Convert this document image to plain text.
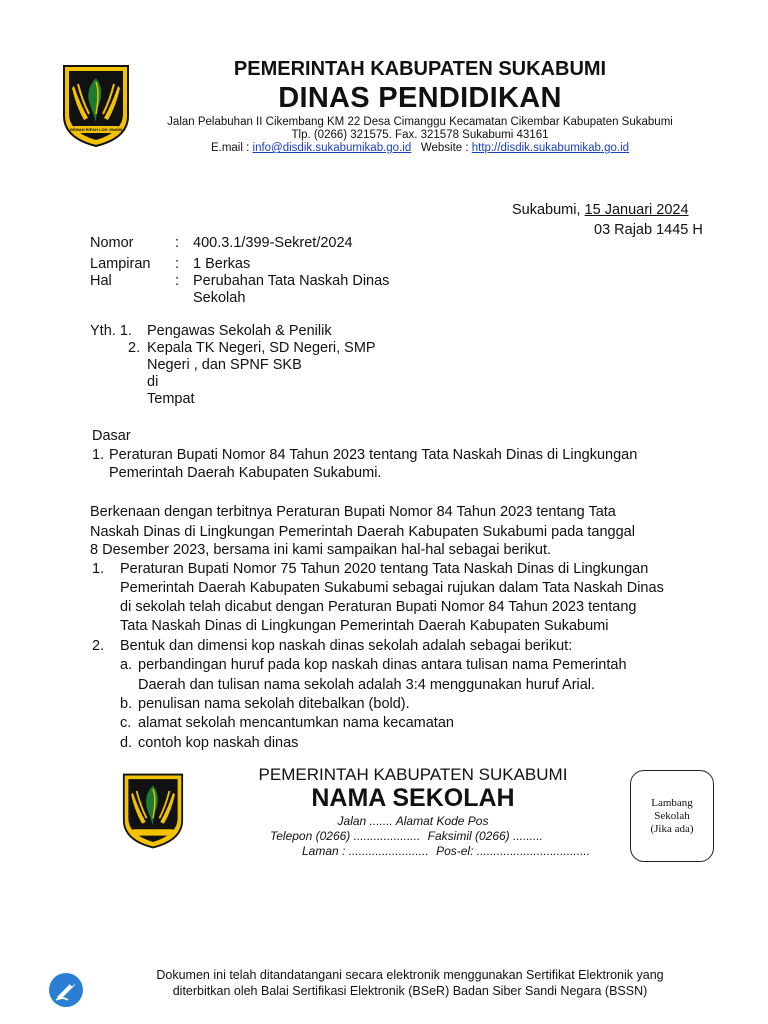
GEMAH RIPAH LOH JINAWI
PEMERINTAH KABUPATEN SUKABUMI
DINAS PENDIDIKAN
Jalan Pelabuhan II Cikembang KM 22 Desa Cimanggu Kecamatan Cikembar Kabupaten Sukabumi
Tlp. (0266) 321575. Fax. 321578 Sukabumi 43161
E.mail : info@disdik.sukabumikab.go.id Website : http://disdik.sukabumikab.go.id
Sukabumi, 15 Januari 2024
03 Rajab 1445 H
Nomor	: 400.3.1/399-Sekret/2024
Lampiran : 1 Berkas
Hal	: Perubahan Tata Naskah Dinas
Sekolah
Yth. 1. Pengawas Sekolah & Penilik
2. Kepala TK Negeri, SD Negeri, SMP
Negeri , dan SPNF SKB
di
Tempat
Dasar
1. Peraturan Bupati Nomor 84 Tahun 2023 tentang Tata Naskah Dinas di Lingkungan
Pemerintah Daerah Kabupaten Sukabumi.
Berkenaan dengan terbitnya Peraturan Bupati Nomor 84 Tahun 2023 tentang Tata
Naskah Dinas di Lingkungan Pemerintah Daerah Kabupaten Sukabumi pada tanggal
8 Desember 2023, bersama ini kami sampaikan hal-hal sebagai berikut.
1. Peraturan Bupati Nomor 75 Tahun 2020 tentang Tata Naskah Dinas di Lingkungan
Pemerintah Daerah Kabupaten Sukabumi sebagai rujukan dalam Tata Naskah Dinas
di sekolah telah dicabut dengan Peraturan Bupati Nomor 84 Tahun 2023 tentang
Tata Naskah Dinas di Lingkungan Pemerintah Daerah Kabupaten Sukabumi
2. Bentuk dan dimensi kop naskah dinas sekolah adalah sebagai berikut:
a. perbandingan huruf pada kop naskah dinas antara tulisan nama Pemerintah
Daerah dan tulisan nama sekolah adalah 3:4 menggunakan huruf Arial.
b. penulisan nama sekolah ditebalkan (bold).
c. alamat sekolah mencantumkan nama kecamatan
d. contoh kop naskah dinas
PEMERINTAH KABUPATEN SUKABUMI
NAMA SEKOLAH
Jalan ....... Alamat Kode Pos
Telepon (0266) .................... Faksimil (0266) .........
Laman : ........................ Pos-el: ..................................
Lambang
Sekolah
(Jika ada)
Dokumen ini telah ditandatangani secara elektronik menggunakan Sertifikat Elektronik yang
diterbitkan oleh Balai Sertifikasi Elektronik (BSeR) Badan Siber Sandi Negara (BSSN)
